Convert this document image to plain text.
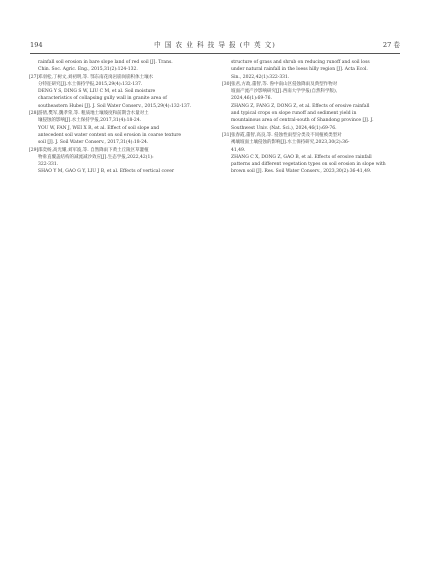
194	中 国 农 业 科 技 导 报 (中 英 文)	27 卷
rainfall soil erosion in bare slope land of red soil [J]. Trans.
Chin. Soc. Agric. Eng., 2015,31(2):124-132.
[27] 邓羽松,丁树文,刘初明,等. 鄂东南花岗岩崩岗崩积体土壤水
分特征研究[J].水土保持学报,2015,29(4):132-137.
DENG Y S, DING S W, LIU C M, et al. Soil moisture
characteristics of collapsing gully wall in granite area of
southeastern Hubei [J]. J. Soil Water Conserv., 2015,29(4):132-137.
[28] 游倩,樊军,魏孝荣,等. 粗质地土壤坡度和前期含水量对土
壤侵蚀的影响[J].水土保持学报,2017,31(4):18-24.
YOU W, FAN J, WEI X R, et al. Effect of soil slope and
antecedent soil water content on soil erosion in coarse texture
soil [J]. J. Soil Water Conserv., 2017,31(4):18-24.
[29] 邵奕杨,高光耀,刘军波,等. 自然降雨下黄土丘陵区草灌植
物垂直覆盖结构的减流减沙效应[J].生态学报,2022,42(1):
322-331.
SHAO Y M, GAO G Y, LIU J B, et al. Effects of vertical cover
structure of grass and shrub on reducing runoff and soil loss
under natural rainfall in the loess hilly region [J]. Acta Ecol.
Sin., 2022,42(1):322-331.
[30] 张君,方政,董智,等. 鲁中南山区侵蚀降雨及典型作物对
坡面产流产沙影响研究[J].西南大学学报(自然科学版),
2024,46(1):69-76.
ZHANG Z, FANG Z, DONG Z, et al. Effects of erosive rainfall
and typical crops on slope runoff and sediment yield in
mountainous area of central-south of Shandong province [J]. J.
Southwest Univ. (Nat. Sci.), 2024,46(1):69-76.
[31] 张春霞,董智,高良,等. 侵蚀性雨型分类及不同植被类型对
褐壤坡面土壤侵蚀的影响[J].水土保持研究,2023,30(2):36-
41,49.
ZHANG C X, DONG Z, GAO B, et al. Effects of erosive rainfall
patterns and different vegetation types on soil erosion in slope with
brown soil [J]. Res. Soil Water Conserv., 2023,30(2):36-41,49.
